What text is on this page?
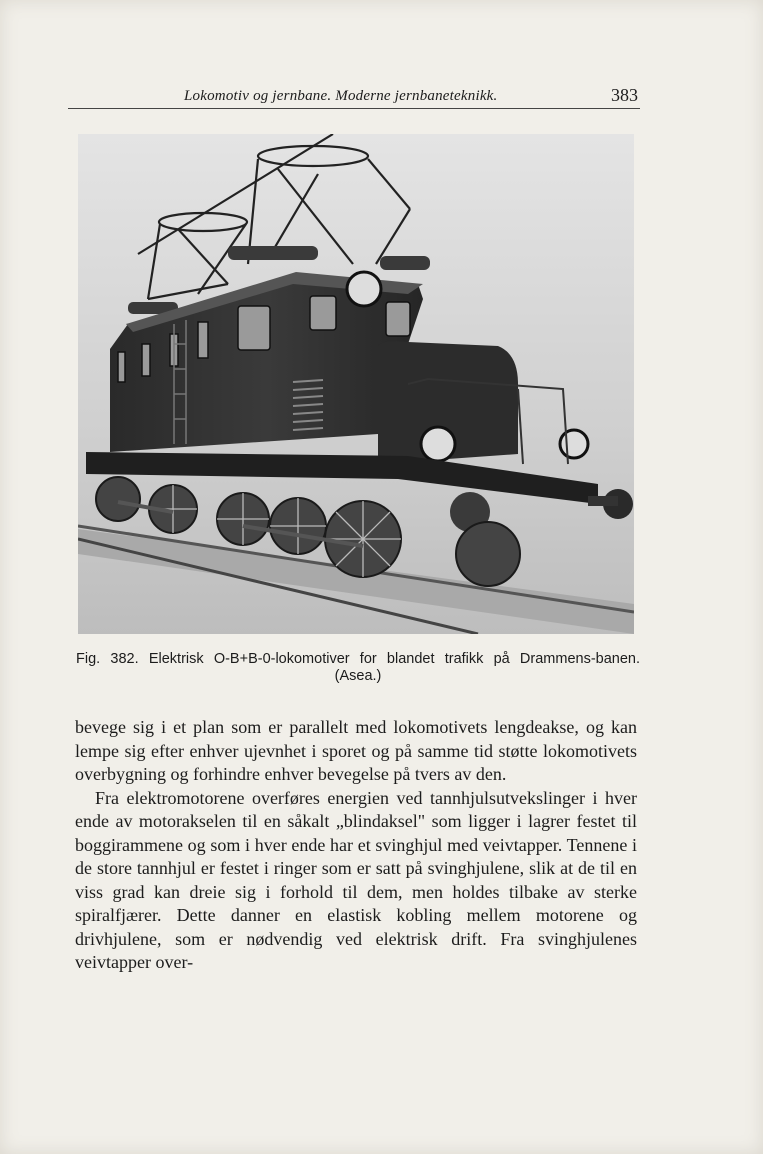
Lokomotiv og jernbane. Moderne jernbaneteknikk.	383
Fig. 382. Elektrisk O-B+B-0-lokomotiver for blandet trafikk på Drammens-banen. (Asea.)

bevege sig i et plan som er parallelt med lokomotivets lengdeakse, og kan lempe sig efter enhver ujevnhet i sporet og på samme tid støtte lokomotivets overbygning og forhindre enhver bevegelse på tvers av den.

Fra elektromotorene overføres energien ved tannhjulsutvekslinger i hver ende av motorakselen til en såkalt „blindaksel" som ligger i lagrer festet til boggirammene og som i hver ende har et svinghjul med veivtapper. Tennene i de store tannhjul er festet i ringer som er satt på svinghjulene, slik at de til en viss grad kan dreie sig i forhold til dem, men holdes tilbake av sterke spiralfjærer. Dette danner en elastisk kobling mellem motorene og drivhjulene, som er nødvendig ved elektrisk drift. Fra svinghjulenes veivtapper over-
